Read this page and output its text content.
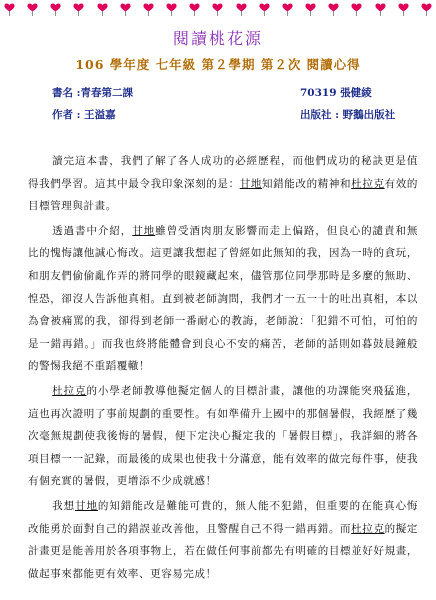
閱讀桃花源
106 學年度 七年級 第２學期 第２次 閱讀心得
書名 :青春第二課	70319 張健綾
作者 : 王溢嘉	出版社 : 野鵝出版社

讀完這本書，我們了解了各人成功的必經歷程，而他們成功的秘訣更是值得我們學習。這其中最令我印象深刻的是：甘地知錯能改的精神和杜拉克有效的目標管理與計畫。

透過書中介紹，甘地雖曾受酒肉朋友影響而走上偏路，但良心的譴責和無比的愧悔讓他誠心悔改。這更讓我想起了曾經如此無知的我，因為一時的貪玩，和朋友們偷偷亂作弄的將同學的眼鏡藏起來，儘管那位同學那時是多麼的無助、惶恐，卻沒人告訴他真相。直到被老師詢問，我們才一五一十的吐出真相，本以為會被痛罵的我，卻得到老師一番耐心的教誨，老師說：「犯錯不可怕，可怕的是一錯再錯。」而我也終將能體會到良心不安的痛苦，老師的話則如暮鼓晨鐘般的警惕我絕不重蹈覆轍！

杜拉克的小學老師教導他擬定個人的目標計畫，讓他的功課能突飛猛進，這也再次證明了事前規劃的重要性。有如準備升上國中的那個暑假，我經歷了幾次毫無規劃使我後悔的暑假，便下定決心擬定我的「暑假目標」，我詳細的將各項目標一一記錄，而最後的成果也使我十分滿意，能有效率的做完每件事，使我有個充實的暑假，更增添不少成就感！

我想甘地的知錯能改是難能可貴的，無人能不犯錯，但重要的在能真心悔改能勇於面對自己的錯誤並改善他，且警醒自己不得一錯再錯。而杜拉克的擬定計畫更是能善用於各項事物上，若在做任何事前都先有明確的目標並好好規畫，做起事來都能更有效率、更容易完成！
